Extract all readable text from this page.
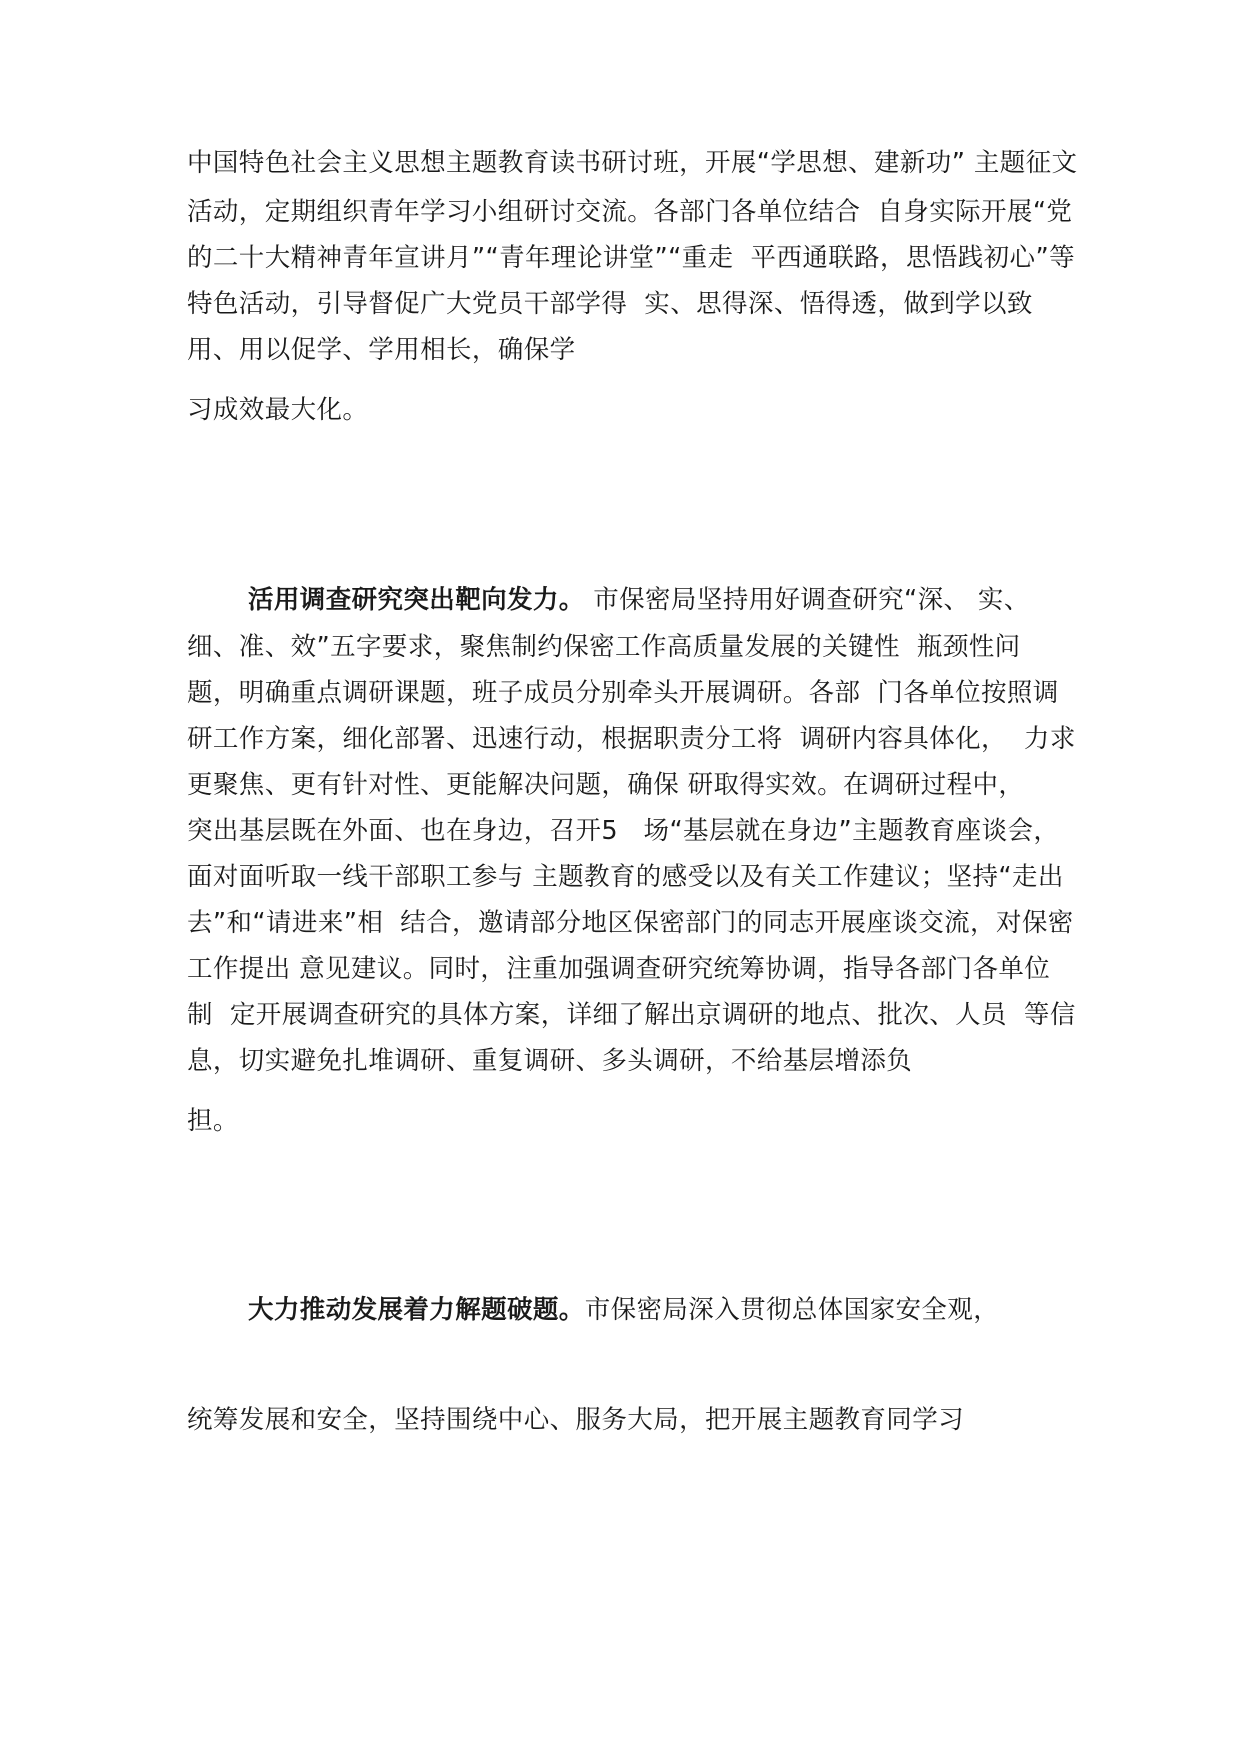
中国特色社会主义思想主题教育读书研讨班，开展“学思想、建新功” 主题征文
活动，定期组织青年学习小组研讨交流。各部门各单位结合  自身实际开展“党
的二十大精神青年宣讲月”“青年理论讲堂”“重走  平西通联路，思悟践初心”等
特色活动，引导督促广大党员干部学得  实、思得深、悟得透，做到学以致
用、用以促学、学用相长，确保学
习成效最大化。
活用调查研究突出靶向发力。 市保密局坚持用好调查研究“深、 实、
细、准、效”五字要求，聚焦制约保密工作高质量发展的关键性  瓶颈性问
题，明确重点调研课题，班子成员分别牵头开展调研。各部  门各单位按照调
研工作方案，细化部署、迅速行动，根据职责分工将  调研内容具体化，  力求
更聚焦、更有针对性、更能解决问题，确保 研取得实效。在调研过程中，
突出基层既在外面、也在身边，召开5   场“基层就在身边”主题教育座谈会，
面对面听取一线干部职工参与 主题教育的感受以及有关工作建议；坚持“走出
去”和“请进来”相  结合，邀请部分地区保密部门的同志开展座谈交流，对保密
工作提出 意见建议。同时，注重加强调查研究统筹协调，指导各部门各单位
制  定开展调查研究的具体方案，详细了解出京调研的地点、批次、人员  等信
息，切实避免扎堆调研、重复调研、多头调研，不给基层增添负
担。
大力推动发展着力解题破题。市保密局深入贯彻总体国家安全观，
统筹发展和安全，坚持围绕中心、服务大局，把开展主题教育同学习
